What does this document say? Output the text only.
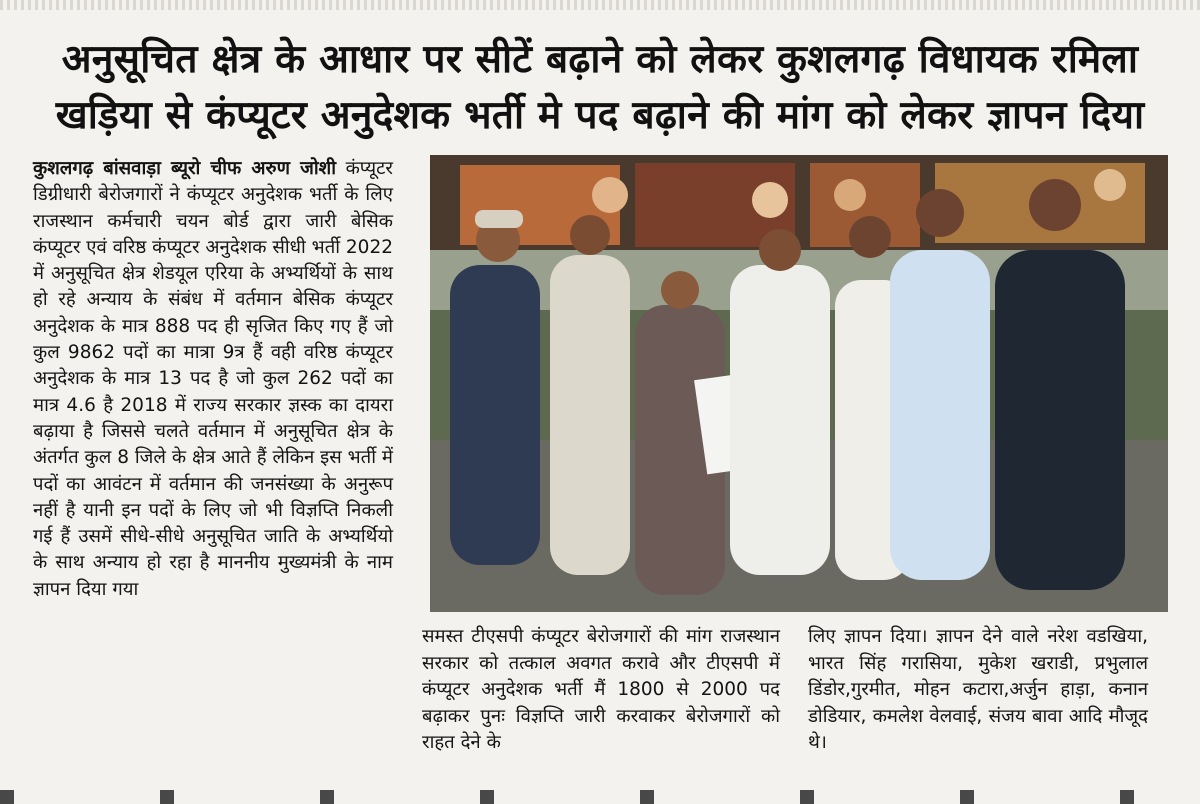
अनुसूचित क्षेत्र के आधार पर सीटें बढ़ाने को लेकर कुशलगढ़ विधायक रमिला
खड़िया से कंप्यूटर अनुदेशक भर्ती मे पद बढ़ाने की मांग को लेकर ज्ञापन दिया
कुशलगढ़ बांसवाड़ा ब्यूरो चीफ अरुण जोशी कंप्यूटर डिग्रीधारी बेरोजगारों ने कंप्यूटर अनुदेशक भर्ती के लिए राजस्थान कर्मचारी चयन बोर्ड द्वारा जारी बेसिक कंप्यूटर एवं वरिष्ठ कंप्यूटर अनुदेशक सीधी भर्ती 2022 में अनुसूचित क्षेत्र शेडयूल एरिया के अभ्यर्थियों के साथ हो रहे अन्याय के संबंध में वर्तमान बेसिक कंप्यूटर अनुदेशक के मात्र 888 पद ही सृजित किए गए हैं जो कुल 9862 पदों का मात्रा 9त्र हैं वही वरिष्ठ कंप्यूटर अनुदेशक के मात्र 13 पद है जो कुल 262 पदों का मात्र 4.6 है 2018 में राज्य सरकार ज्ञस्क का दायरा बढ़ाया है जिससे चलते वर्तमान में अनुसूचित क्षेत्र के अंतर्गत कुल 8 जिले के क्षेत्र आते हैं लेकिन इस भर्ती में पदों का आवंटन में वर्तमान की जनसंख्या के अनुरूप नहीं है यानी इन पदों के लिए जो भी विज्ञप्ति निकली गई हैं उसमें सीधे-सीधे अनुसूचित जाति के अभ्यर्थियो के साथ अन्याय हो रहा है माननीय मुख्यमंत्री के नाम ज्ञापन दिया गया
समस्त टीएसपी कंप्यूटर बेरोजगारों की मांग राजस्थान सरकार को तत्काल अवगत करावे और टीएसपी में कंप्यूटर अनुदेशक भर्ती मैं 1800 से 2000 पद बढ़ाकर पुनः विज्ञप्ति जारी करवाकर बेरोजगारों को राहत देने के
लिए ज्ञापन दिया। ज्ञापन देने वाले नरेश वडखिया, भारत सिंह गरासिया, मुकेश खराडी, प्रभुलाल डिंडोर,गुरमीत, मोहन कटारा,अर्जुन हाड़ा, कनान डोडियार, कमलेश वेलवाई, संजय बावा आदि मौजूद थे।
